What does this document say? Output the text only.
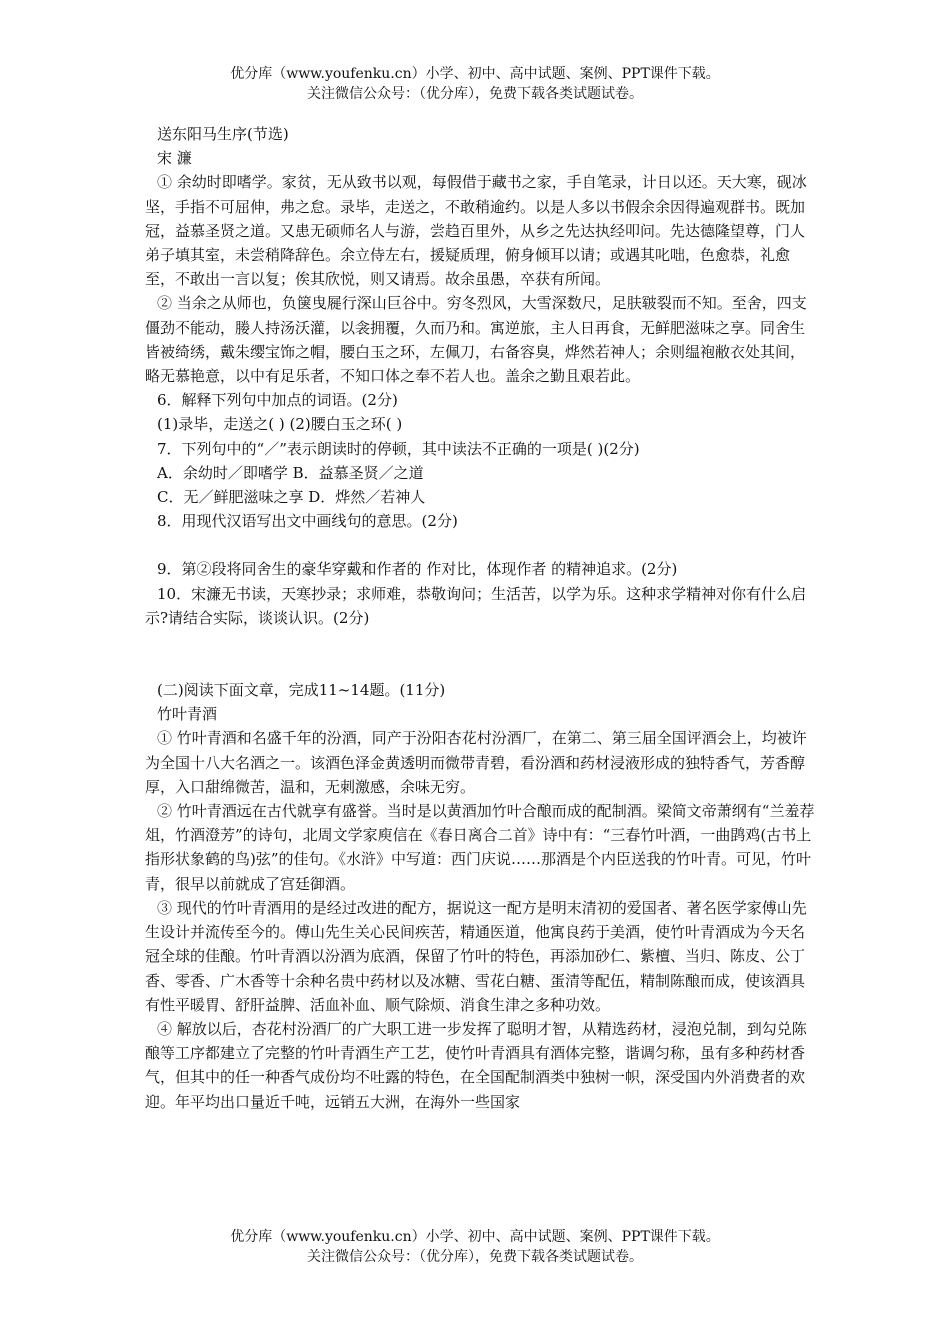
优分库（www.youfenku.cn）小学、初中、高中试题、案例、PPT课件下载。
关注微信公众号：（优分库），免费下载各类试题试卷。

送东阳马生序(节选)

宋 濂

① 余幼时即嗜学。家贫，无从致书以观，每假借于藏书之家，手自笔录，计日以还。天大寒，砚冰坚，手指不可屈伸，弗之怠。录毕，走送之，不敢稍逾约。以是人多以书假余余因得遍观群书。既加冠，益慕圣贤之道。又患无硕师名人与游，尝趋百里外，从乡之先达执经叩问。先达德隆望尊，门人弟子填其室，未尝稍降辞色。余立侍左右，援疑质理，俯身倾耳以请；或遇其叱咄，色愈恭，礼愈至，不敢出一言以复；俟其欣悦，则又请焉。故余虽愚，卒获有所闻。

② 当余之从师也，负箧曳屣行深山巨谷中。穷冬烈风，大雪深数尺，足肤皲裂而不知。至舍，四支僵劲不能动，媵人持汤沃灌，以衾拥覆，久而乃和。寓逆旅，主人日再食，无鲜肥滋味之享。同舍生皆被绮绣，戴朱缨宝饰之帽，腰白玉之环，左佩刀，右备容臭，烨然若神人；余则缊袍敝衣处其间，略无慕艳意，以中有足乐者，不知口体之奉不若人也。盖余之勤且艰若此。

6．解释下列句中加点的词语。(2分)

(1)录毕，走送之( ) (2)腰白玉之环( )

7．下列句中的“／”表示朗读时的停顿，其中读法不正确的一项是( )(2分)

A．余幼时／即嗜学 B．益慕圣贤／之道

C．无／鲜肥滋味之享 D．烨然／若神人

8．用现代汉语写出文中画线句的意思。(2分)

9．第②段将同舍生的豪华穿戴和作者的 作对比，体现作者 的精神追求。(2分)

10．宋濂无书读，天寒抄录；求师难，恭敬询问；生活苦，以学为乐。这种求学精神对你有什么启示?请结合实际，谈谈认识。(2分)

(二)阅读下面文章，完成11~14题。(11分)

竹叶青酒

① 竹叶青酒和名盛千年的汾酒，同产于汾阳杏花村汾酒厂，在第二、第三届全国评酒会上，均被许为全国十八大名酒之一。该酒色泽金黄透明而微带青碧，看汾酒和药材浸液形成的独特香气，芳香醇厚，入口甜绵微苦，温和，无刺激感，余味无穷。

② 竹叶青酒远在古代就享有盛誉。当时是以黄酒加竹叶合酿而成的配制酒。梁简文帝萧纲有“兰羞荐俎，竹酒澄芳”的诗句，北周文学家庾信在《春日离合二首》诗中有：“三春竹叶酒，一曲鹍鸡(古书上指形状象鹤的鸟)弦”的佳句。《水浒》中写道：西门庆说……那酒是个内臣送我的竹叶青。可见，竹叶青，很早以前就成了宫廷御酒。

③ 现代的竹叶青酒用的是经过改进的配方，据说这一配方是明末清初的爱国者、著名医学家傅山先生设计并流传至今的。傅山先生关心民间疾苦，精通医道，他寓良药于美酒，使竹叶青酒成为今天名冠全球的佳酿。竹叶青酒以汾酒为底酒，保留了竹叶的特色，再添加砂仁、紫檀、当归、陈皮、公丁香、零香、广木香等十余种名贵中药材以及冰糖、雪花白糖、蛋清等配伍，精制陈酿而成，使该酒具有性平暖胃、舒肝益脾、活血补血、顺气除烦、消食生津之多种功效。

④ 解放以后，杏花村汾酒厂的广大职工进一步发挥了聪明才智，从精选药材，浸泡兑制，到勾兑陈酿等工序都建立了完整的竹叶青酒生产工艺，使竹叶青酒具有酒体完整，谐调匀称，虽有多种药材香气，但其中的任一种香气成份均不吐露的特色，在全国配制酒类中独树一帜，深受国内外消费者的欢迎。年平均出口量近千吨，远销五大洲，在海外一些国家

优分库（www.youfenku.cn）小学、初中、高中试题、案例、PPT课件下载。
关注微信公众号：（优分库），免费下载各类试题试卷。
